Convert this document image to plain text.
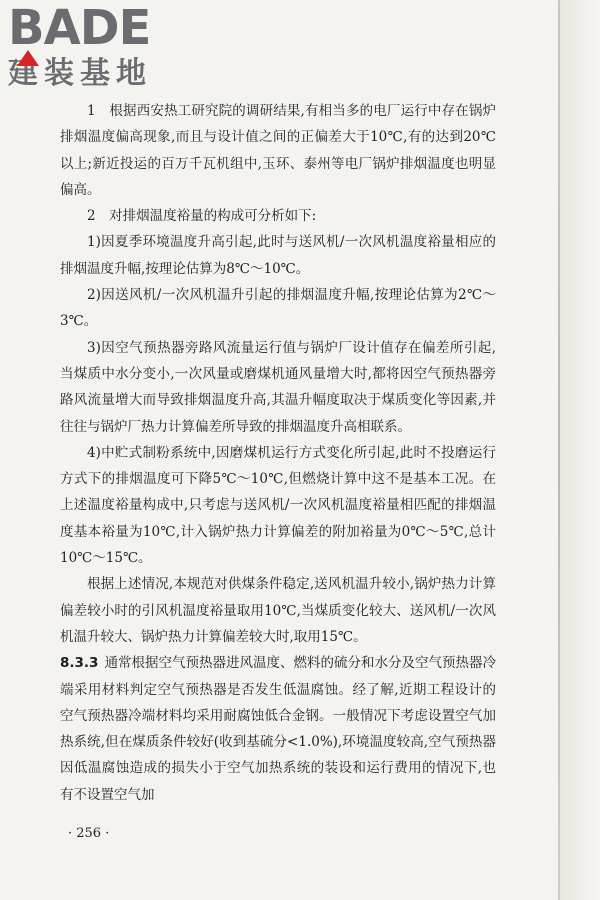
BADE
建装基地

1　根据西安热工研究院的调研结果,有相当多的电厂运行中存在锅炉排烟温度偏高现象,而且与设计值之间的正偏差大于10℃,有的达到20℃以上;新近投运的百万千瓦机组中,玉环、泰州等电厂锅炉排烟温度也明显偏高。

2　对排烟温度裕量的构成可分析如下:

1)因夏季环境温度升高引起,此时与送风机/一次风机温度裕量相应的排烟温度升幅,按理论估算为8℃～10℃。

2)因送风机/一次风机温升引起的排烟温度升幅,按理论估算为2℃～3℃。

3)因空气预热器旁路风流量运行值与锅炉厂设计值存在偏差所引起,当煤质中水分变小,一次风量或磨煤机通风量增大时,都将因空气预热器旁路风流量增大而导致排烟温度升高,其温升幅度取决于煤质变化等因素,并往往与锅炉厂热力计算偏差所导致的排烟温度升高相联系。

4)中贮式制粉系统中,因磨煤机运行方式变化所引起,此时不投磨运行方式下的排烟温度可下降5℃～10℃,但燃烧计算中这不是基本工况。在上述温度裕量构成中,只考虑与送风机/一次风机温度裕量相匹配的排烟温度基本裕量为10℃,计入锅炉热力计算偏差的附加裕量为0℃～5℃,总计10℃～15℃。

根据上述情况,本规范对供煤条件稳定,送风机温升较小,锅炉热力计算偏差较小时的引风机温度裕量取用10℃,当煤质变化较大、送风机/一次风机温升较大、锅炉热力计算偏差较大时,取用15℃。

8.3.3 通常根据空气预热器进风温度、燃料的硫分和水分及空气预热器冷端采用材料判定空气预热器是否发生低温腐蚀。经了解,近期工程设计的空气预热器冷端材料均采用耐腐蚀低合金钢。一般情况下考虑设置空气加热系统,但在煤质条件较好(收到基硫分<1.0%),环境温度较高,空气预热器因低温腐蚀造成的损失小于空气加热系统的装设和运行费用的情况下,也有不设置空气加

· 256 ·
